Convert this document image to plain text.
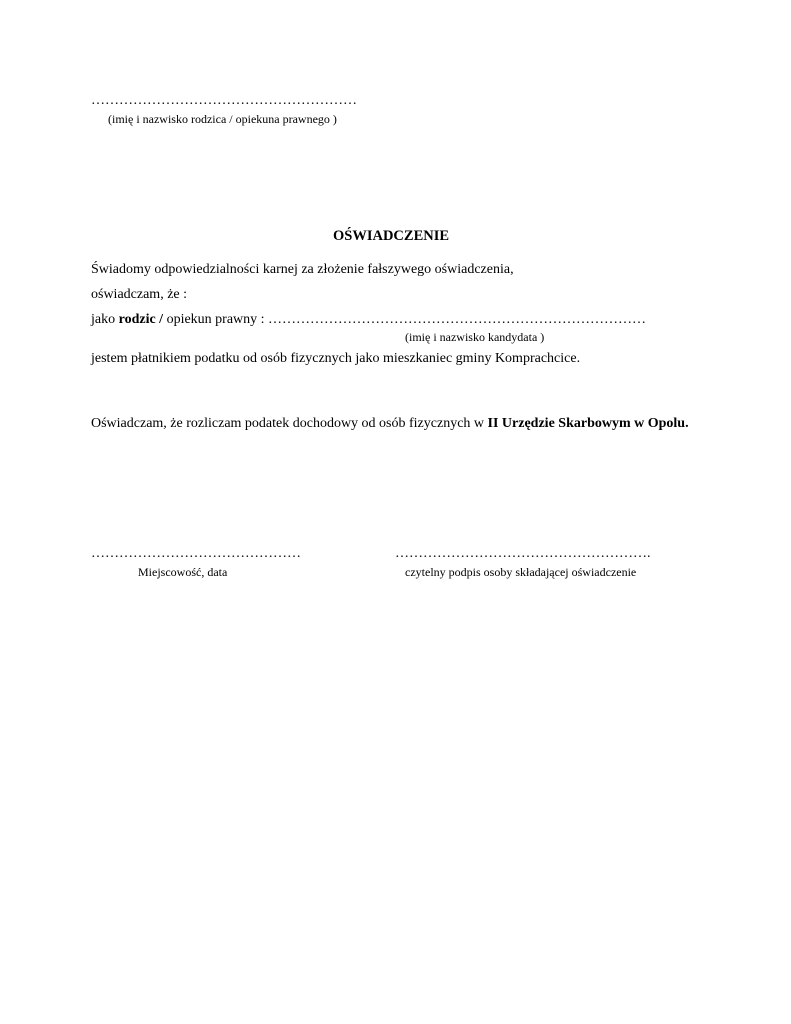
…………………………………………………
(imię i nazwisko rodzica / opiekuna prawnego )
OŚWIADCZENIE
Świadomy odpowiedzialności karnej za złożenie fałszywego oświadczenia,
oświadczam, że :
jako rodzic / opiekun prawny : ………………………………………………………………………
(imię i nazwisko kandydata )
jestem płatnikiem podatku od osób fizycznych jako mieszkaniec gminy Komprachcice.
Oświadczam, że rozliczam podatek dochodowy od osób fizycznych w II Urzędzie Skarbowym w Opolu.
………………………………………
Miejscowość, data
……………………………………………….
czytelny podpis osoby składającej oświadczenie
